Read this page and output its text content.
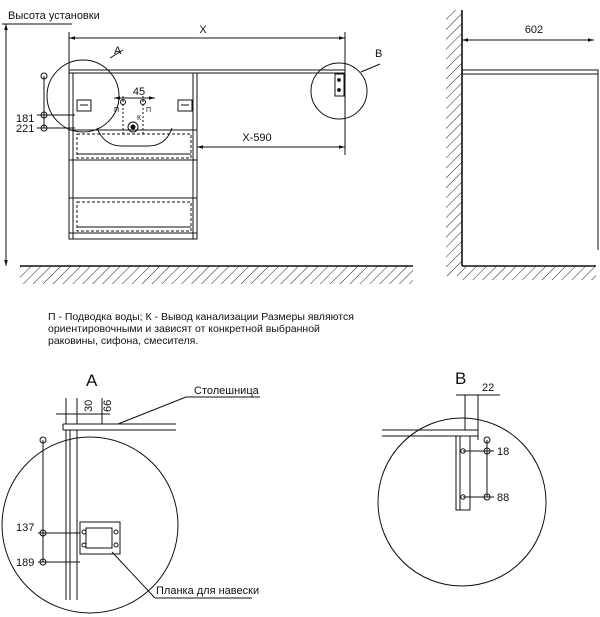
Высота установки
X
45
181
221
X-590
A	B
П	П
К
602
A
30 66
137
189
Столешница
Планка для навески
B 22
18
88
П - Подводка воды; К - Вывод канализации Размеры являются ориентировочными и зависят от конкретной выбранной раковины, сифона, смесителя.
